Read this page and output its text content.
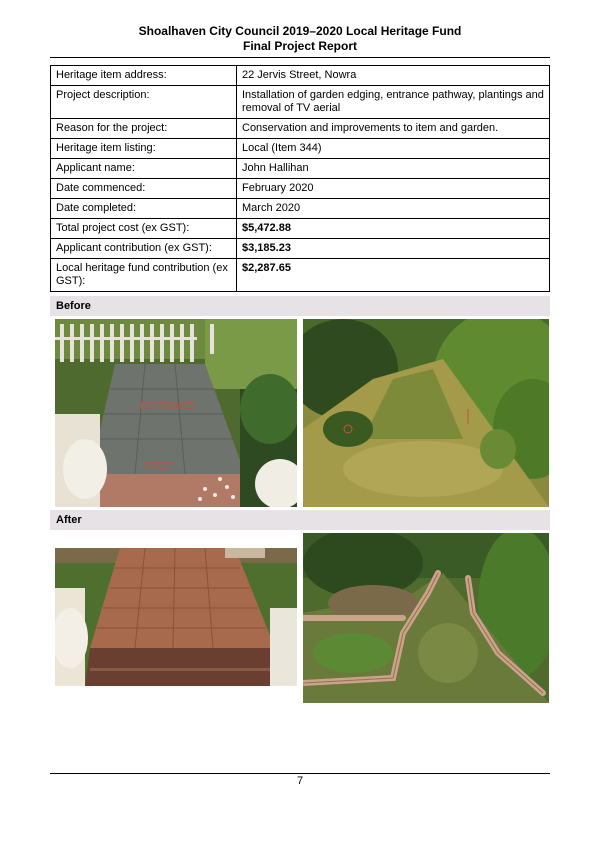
Shoalhaven City Council 2019–2020 Local Heritage Fund
Final Project Report
Heritage item address:	22 Jervis Street, Nowra
Project description:	Installation of garden edging, entrance pathway, plantings and removal of TV aerial
Reason for the project:	Conservation and improvements to item and garden.
Heritage item listing:	Local (Item 344)
Applicant name:	John Hallihan
Date commenced:	February 2020
Date completed:	March 2020
Total project cost (ex GST):	$5,472.88
Applicant contribution (ex GST):	$3,185.23
Local heritage fund contribution (ex GST):	$2,287.65
Before
ENTRANCE
STEP
After
7
